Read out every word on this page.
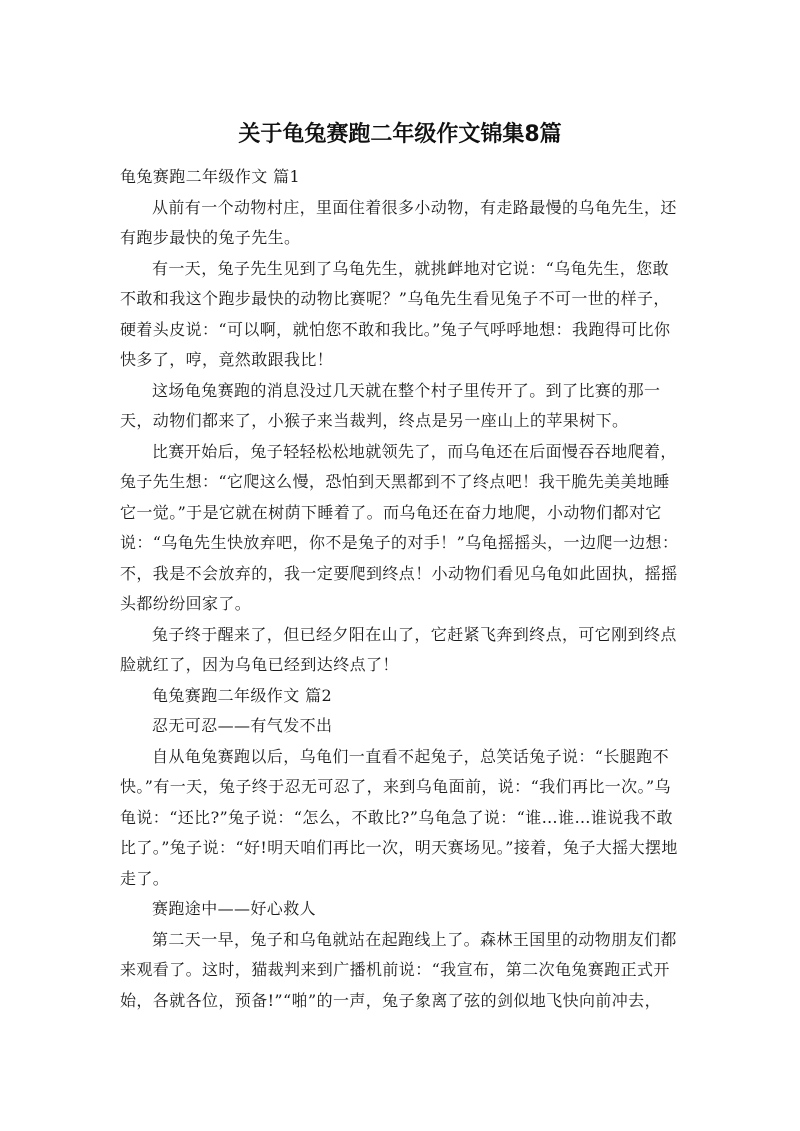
关于龟兔赛跑二年级作文锦集8篇

龟兔赛跑二年级作文 篇1

从前有一个动物村庄，里面住着很多小动物，有走路最慢的乌龟先生，还有跑步最快的兔子先生。

有一天，兔子先生见到了乌龟先生，就挑衅地对它说：“乌龟先生，您敢不敢和我这个跑步最快的动物比赛呢？”乌龟先生看见兔子不可一世的样子，硬着头皮说：“可以啊，就怕您不敢和我比。”兔子气呼呼地想：我跑得可比你快多了，哼，竟然敢跟我比！

这场龟兔赛跑的消息没过几天就在整个村子里传开了。到了比赛的那一天，动物们都来了，小猴子来当裁判，终点是另一座山上的苹果树下。

比赛开始后，兔子轻轻松松地就领先了，而乌龟还在后面慢吞吞地爬着，兔子先生想：“它爬这么慢，恐怕到天黑都到不了终点吧！我干脆先美美地睡它一觉。”于是它就在树荫下睡着了。而乌龟还在奋力地爬，小动物们都对它说：“乌龟先生快放弃吧，你不是兔子的对手！”乌龟摇摇头，一边爬一边想：不，我是不会放弃的，我一定要爬到终点！小动物们看见乌龟如此固执，摇摇头都纷纷回家了。

兔子终于醒来了，但已经夕阳在山了，它赶紧飞奔到终点，可它刚到终点脸就红了，因为乌龟已经到达终点了！

龟兔赛跑二年级作文 篇2

忍无可忍——有气发不出

自从龟兔赛跑以后，乌龟们一直看不起兔子，总笑话兔子说：“长腿跑不快。”有一天，兔子终于忍无可忍了，来到乌龟面前，说：“我们再比一次。”乌龟说：“还比?”兔子说：“怎么，不敢比?”乌龟急了说：“谁…谁…谁说我不敢比了。”兔子说：“好!明天咱们再比一次，明天赛场见。”接着，兔子大摇大摆地走了。

赛跑途中——好心救人

第二天一早，兔子和乌龟就站在起跑线上了。森林王国里的动物朋友们都来观看了。这时，猫裁判来到广播机前说：“我宣布，第二次龟兔赛跑正式开始，各就各位，预备!”“啪”的一声，兔子象离了弦的剑似地飞快向前冲去，
